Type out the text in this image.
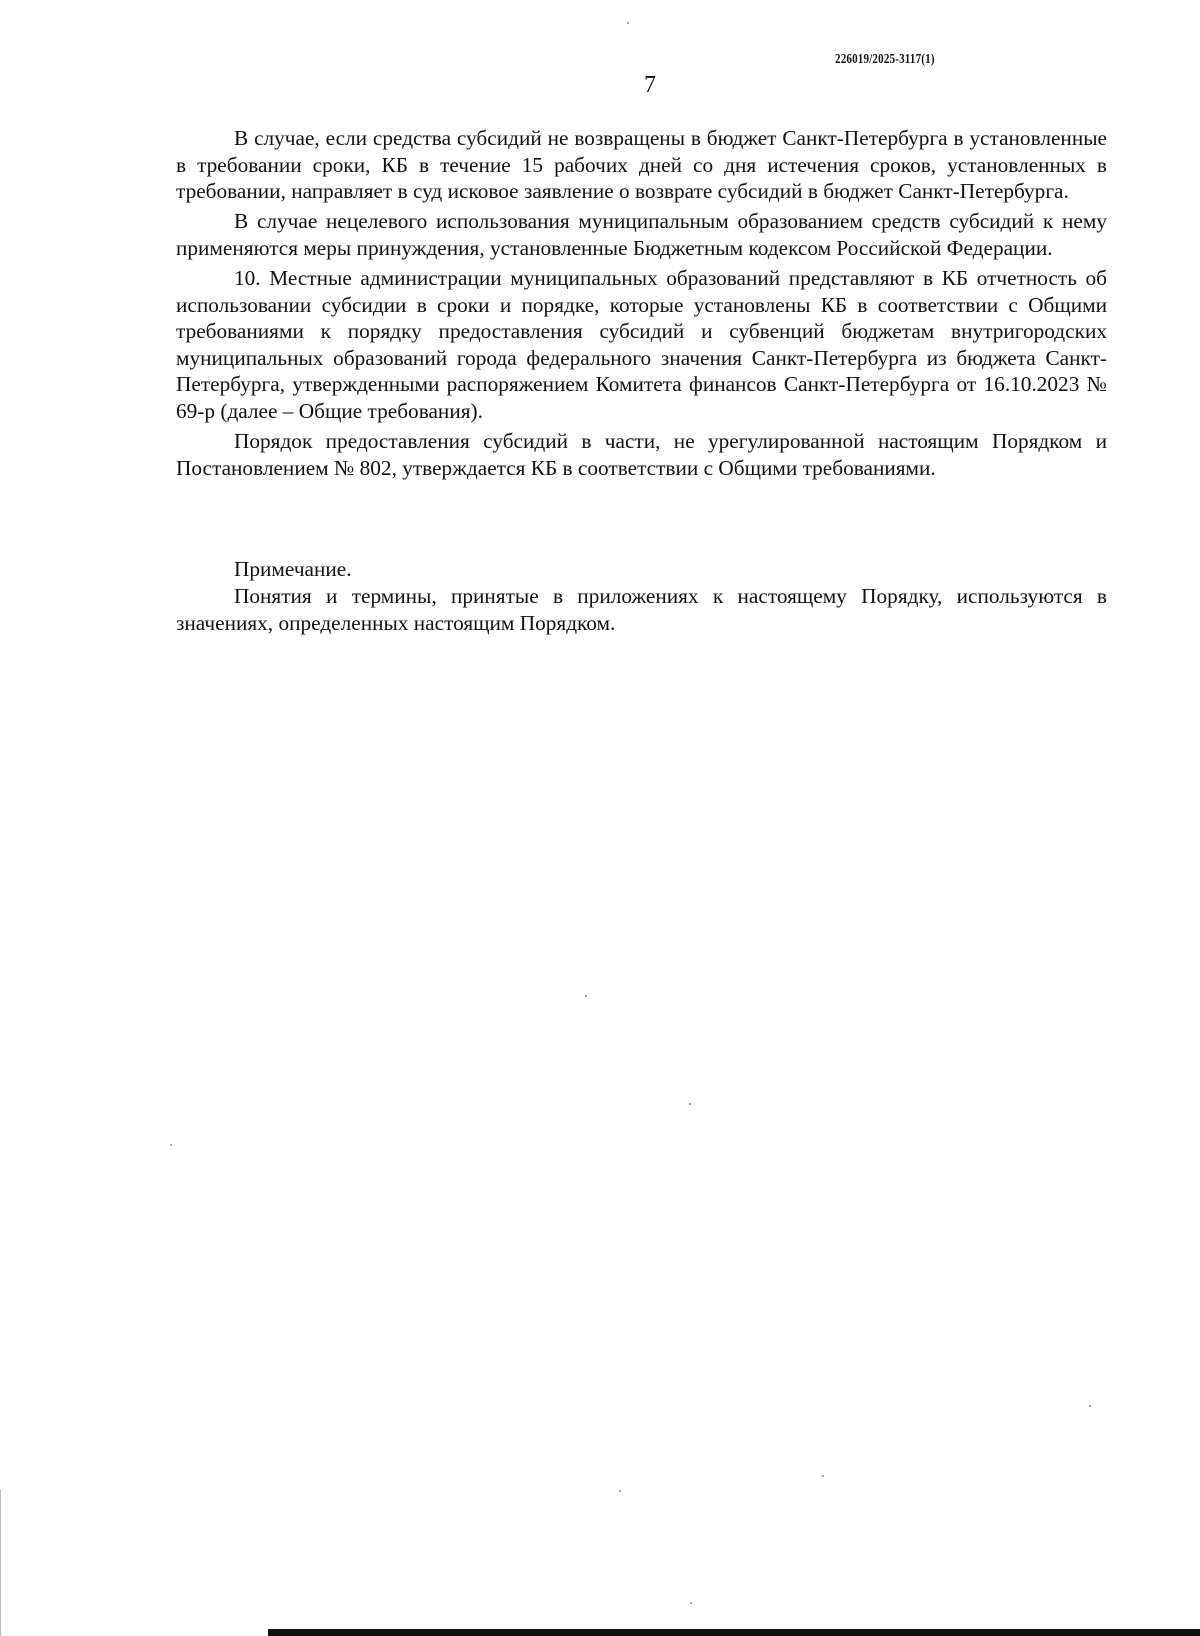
226019/2025-3117(1)
7

В случае, если средства субсидий не возвращены в бюджет Санкт-Петербурга в установленные в требовании сроки, КБ в течение 15 рабочих дней со дня истечения сроков, установленных в требовании, направляет в суд исковое заявление о возврате субсидий в бюджет Санкт-Петербурга.

В случае нецелевого использования муниципальным образованием средств субсидий к нему применяются меры принуждения, установленные Бюджетным кодексом Российской Федерации.

10. Местные администрации муниципальных образований представляют в КБ отчетность об использовании субсидии в сроки и порядке, которые установлены КБ в соответствии с Общими требованиями к порядку предоставления субсидий и субвенций бюджетам внутригородских муниципальных образований города федерального значения Санкт-Петербурга из бюджета Санкт-Петербурга, утвержденными распоряжением Комитета финансов Санкт-Петербурга от 16.10.2023 № 69-р (далее – Общие требования).

Порядок предоставления субсидий в части, не урегулированной настоящим Порядком и Постановлением № 802, утверждается КБ в соответствии с Общими требованиями.

Примечание.

Понятия и термины, принятые в приложениях к настоящему Порядку, используются в значениях, определенных настоящим Порядком.
